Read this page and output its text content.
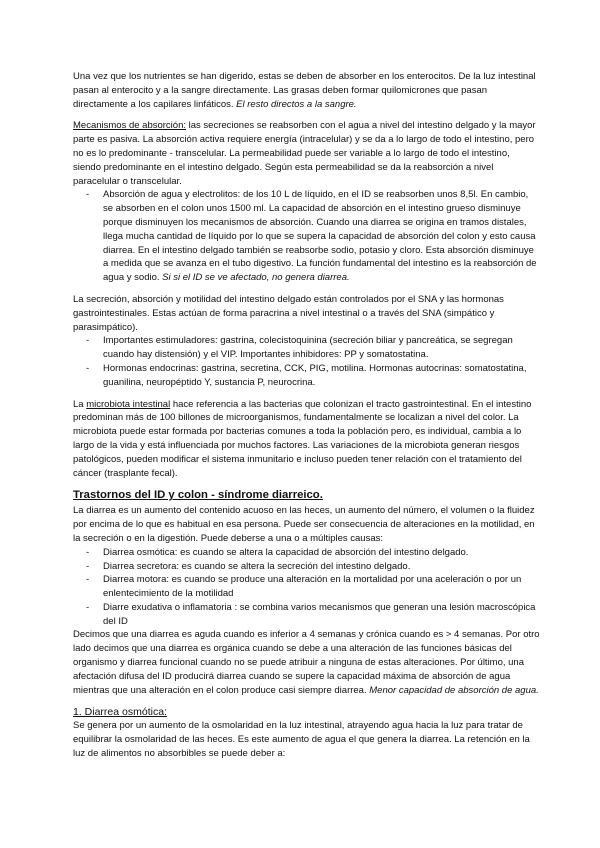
Una vez que los nutrientes se han digerido, estas se deben de absorber en los enterocitos. De la luz intestinal pasan al enterocito y a la sangre directamente. Las grasas deben formar quilomicrones que pasan directamente a los capilares linfáticos. El resto directos a la sangre.

Mecanismos de absorción: las secreciones se reabsorben con el agua a nivel del intestino delgado y la mayor parte es pasiva. La absorción activa requiere energía (intracelular) y se da a lo largo de todo el intestino, pero no es lo predominante - transcelular. La permeabilidad puede ser variable a lo largo de todo el intestino, siendo predominante en el intestino delgado. Según esta permeabilidad se da la reabsorción a nivel paracelular o transcelular.

- Absorción de agua y electrolitos: de los 10 L de líquido, en el ID se reabsorben unos 8,5l. En cambio, se absorben en el colon unos 1500 ml. La capacidad de absorción en el intestino grueso disminuye porque disminuyen los mecanismos de absorción. Cuando una diarrea se origina en tramos distales, llega mucha cantidad de líquido por lo que se supera la capacidad de absorción del colon y esto causa diarrea. En el intestino delgado también se reabsorbe sodio, potasio y cloro. Esta absorción disminuye a medida que se avanza en el tubo digestivo. La función fundamental del intestino es la reabsorción de agua y sodio. Si si el ID se ve afectado, no genera diarrea.

La secreción, absorción y motilidad del intestino delgado están controlados por el SNA y las hormonas gastrointestinales. Estas actúan de forma paracrina a nivel intestinal o a través del SNA (simpático y parasimpático).

- Importantes estimuladores: gastrina, colecistoquinina (secreción biliar y pancreática, se segregan cuando hay distensión) y el VIP. Importantes inhibidores: PP y somatostatina.
- Hormonas endocrinas: gastrina, secretina, CCK, PIG, motilina. Hormonas autocrinas: somatostatina, guanilina, neuropéptido Y, sustancia P, neurocrina.

La microbiota intestinal hace referencia a las bacterias que colonizan el tracto gastrointestinal. En el intestino predominan más de 100 billones de microorganismos, fundamentalmente se localizan a nivel del color. La microbiota puede estar formada por bacterias comunes a toda la población pero, es individual, cambia a lo largo de la vida y está influenciada por muchos factores. Las variaciones de la microbiota generan riesgos patológicos, pueden modificar el sistema inmunitario e incluso pueden tener relación con el tratamiento del cáncer (trasplante fecal).

Trastornos del ID y colon - síndrome diarreico.

La diarrea es un aumento del contenido acuoso en las heces, un aumento del número, el volumen o la fluidez por encima de lo que es habitual en esa persona. Puede ser consecuencia de alteraciones en la motilidad, en la secreción o en la digestión. Puede deberse a una o a múltiples causas:

- Diarrea osmótica: es cuando se altera la capacidad de absorción del intestino delgado.
- Diarrea secretora: es cuando se altera la secreción del intestino delgado.
- Diarrea motora: es cuando se produce una alteración en la mortalidad por una aceleración o por un enlentecimiento de la motilidad
- Diarre exudativa o inflamatoria : se combina varios mecanismos que generan una lesión macroscópica del ID

Decimos que una diarrea es aguda cuando es inferior a 4 semanas y crónica cuando es > 4 semanas. Por otro lado decimos que una diarrea es orgánica cuando se debe a una alteración de las funciones básicas del organismo y diarrea funcional cuando no se puede atribuir a ninguna de estas alteraciones. Por último, una afectación difusa del ID producirá diarrea cuando se supere la capacidad máxima de absorción de agua mientras que una alteración en el colon produce casi siempre diarrea. Menor capacidad de absorción de agua.

1. Diarrea osmótica:

Se genera por un aumento de la osmolaridad en la luz intestinal, atrayendo agua hacia la luz para tratar de equilibrar la osmolaridad de las heces. Es este aumento de agua el que genera la diarrea. La retención en la luz de alimentos no absorbibles se puede deber a:
